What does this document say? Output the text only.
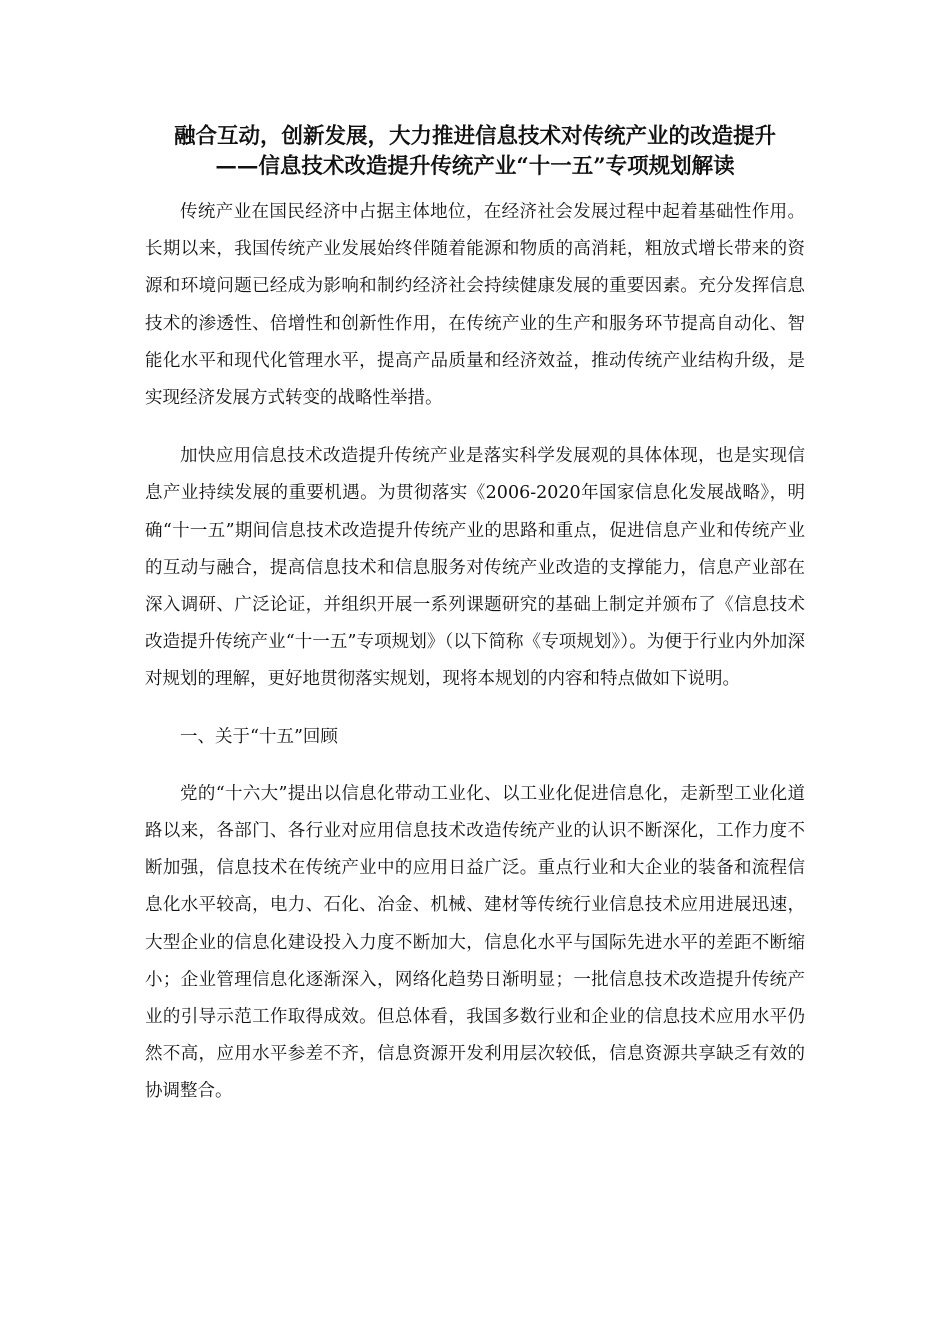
融合互动，创新发展，大力推进信息技术对传统产业的改造提升
——信息技术改造提升传统产业“十一五”专项规划解读

传统产业在国民经济中占据主体地位，在经济社会发展过程中起着基础性作用。长期以来，我国传统产业发展始终伴随着能源和物质的高消耗，粗放式增长带来的资源和环境问题已经成为影响和制约经济社会持续健康发展的重要因素。充分发挥信息技术的渗透性、倍增性和创新性作用，在传统产业的生产和服务环节提高自动化、智能化水平和现代化管理水平，提高产品质量和经济效益，推动传统产业结构升级，是实现经济发展方式转变的战略性举措。

加快应用信息技术改造提升传统产业是落实科学发展观的具体体现，也是实现信息产业持续发展的重要机遇。为贯彻落实《2006-2020年国家信息化发展战略》，明确“十一五”期间信息技术改造提升传统产业的思路和重点，促进信息产业和传统产业的互动与融合，提高信息技术和信息服务对传统产业改造的支撑能力，信息产业部在深入调研、广泛论证，并组织开展一系列课题研究的基础上制定并颁布了《信息技术改造提升传统产业“十一五”专项规划》（以下简称《专项规划》）。为便于行业内外加深对规划的理解，更好地贯彻落实规划，现将本规划的内容和特点做如下说明。

一、关于“十五”回顾

党的“十六大”提出以信息化带动工业化、以工业化促进信息化，走新型工业化道路以来，各部门、各行业对应用信息技术改造传统产业的认识不断深化，工作力度不断加强，信息技术在传统产业中的应用日益广泛。重点行业和大企业的装备和流程信息化水平较高，电力、石化、冶金、机械、建材等传统行业信息技术应用进展迅速，大型企业的信息化建设投入力度不断加大，信息化水平与国际先进水平的差距不断缩小；企业管理信息化逐渐深入，网络化趋势日渐明显；一批信息技术改造提升传统产业的引导示范工作取得成效。但总体看，我国多数行业和企业的信息技术应用水平仍然不高，应用水平参差不齐，信息资源开发利用层次较低，信息资源共享缺乏有效的协调整合。
